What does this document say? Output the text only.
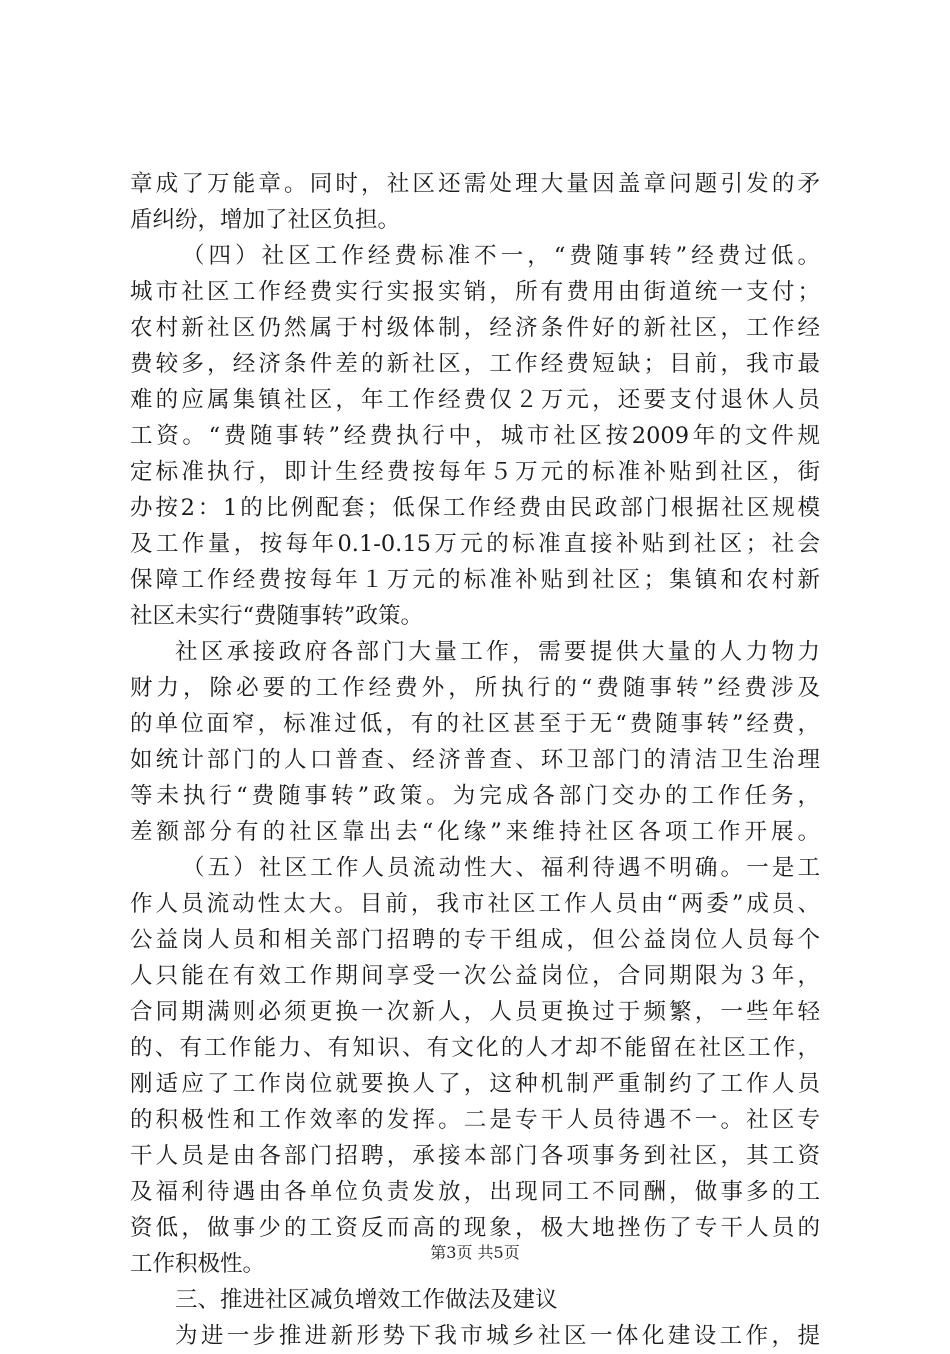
章成了万能章。同时，社区还需处理大量因盖章问题引发的矛
盾纠纷，增加了社区负担。
（四）社区工作经费标准不一，“费随事转”经费过低。
城市社区工作经费实行实报实销，所有费用由街道统一支付；
农村新社区仍然属于村级体制，经济条件好的新社区，工作经
费较多，经济条件差的新社区，工作经费短缺；目前，我市最
难的应属集镇社区，年工作经费仅２万元，还要支付退休人员
工资。“费随事转”经费执行中，城市社区按2009年的文件规
定标准执行，即计生经费按每年５万元的标准补贴到社区，街
办按2：1的比例配套；低保工作经费由民政部门根据社区规模
及工作量，按每年0.1-0.15万元的标准直接补贴到社区；社会
保障工作经费按每年１万元的标准补贴到社区；集镇和农村新
社区未实行“费随事转”政策。
社区承接政府各部门大量工作，需要提供大量的人力物力
财力，除必要的工作经费外，所执行的“费随事转”经费涉及
的单位面窄，标准过低，有的社区甚至于无“费随事转”经费，
如统计部门的人口普查、经济普查、环卫部门的清洁卫生治理
等未执行“费随事转”政策。为完成各部门交办的工作任务，
差额部分有的社区靠出去“化缘”来维持社区各项工作开展。
（五）社区工作人员流动性大、福利待遇不明确。一是工
作人员流动性太大。目前，我市社区工作人员由“两委”成员、
公益岗人员和相关部门招聘的专干组成，但公益岗位人员每个
人只能在有效工作期间享受一次公益岗位，合同期限为３年，
合同期满则必须更换一次新人，人员更换过于频繁，一些年轻
的、有工作能力、有知识、有文化的人才却不能留在社区工作，
刚适应了工作岗位就要换人了，这种机制严重制约了工作人员
的积极性和工作效率的发挥。二是专干人员待遇不一。社区专
干人员是由各部门招聘，承接本部门各项事务到社区，其工资
及福利待遇由各单位负责发放，出现同工不同酬，做事多的工
资低，做事少的工资反而高的现象，极大地挫伤了专干人员的
工作积极性。
三、推进社区减负增效工作做法及建议
为进一步推进新形势下我市城乡社区一体化建设工作，提
第3页 共5页
